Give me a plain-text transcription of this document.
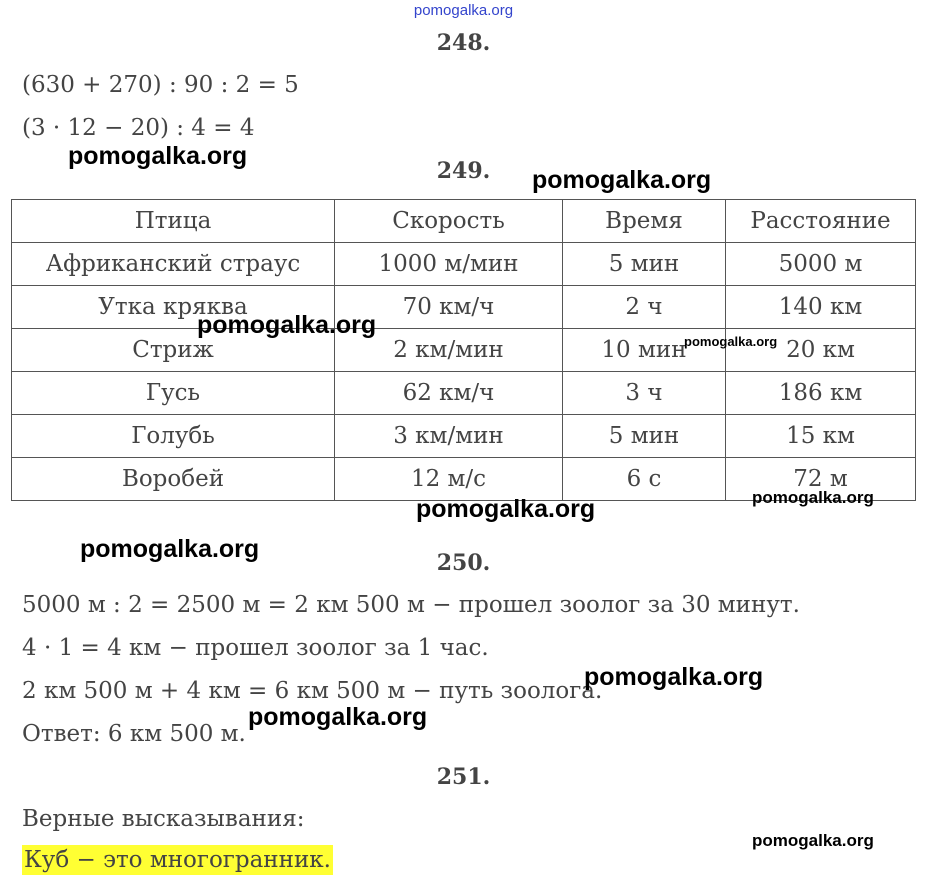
pomogalka.org
248.
(630 + 270) : 90 : 2 = 5
(3 · 12 − 20) : 4 = 4
249.
Птица	Скорость	Время	Расстояние
Африканский страус	1000 м/мин	5 мин	5000 м
Утка кряква	70 км/ч	2 ч	140 км
Стриж	2 км/мин	10 мин	20 км
Гусь	62 км/ч	3 ч	186 км
Голубь	3 км/мин	5 мин	15 км
Воробей	12 м/с	6 с	72 м
250.
5000 м : 2 = 2500 м = 2 км 500 м − прошел зоолог за 30 минут.
4 · 1 = 4 км − прошел зоолог за 1 час.
2 км 500 м + 4 км = 6 км 500 м − путь зоолога.
Ответ: 6 км 500 м.
251.
Верные высказывания:
Куб − это многогранник.
pomogalka.org
pomogalka.org
pomogalka.org
pomogalka.org
pomogalka.org
pomogalka.org
pomogalka.org
pomogalka.org
pomogalka.org
pomogalka.org
